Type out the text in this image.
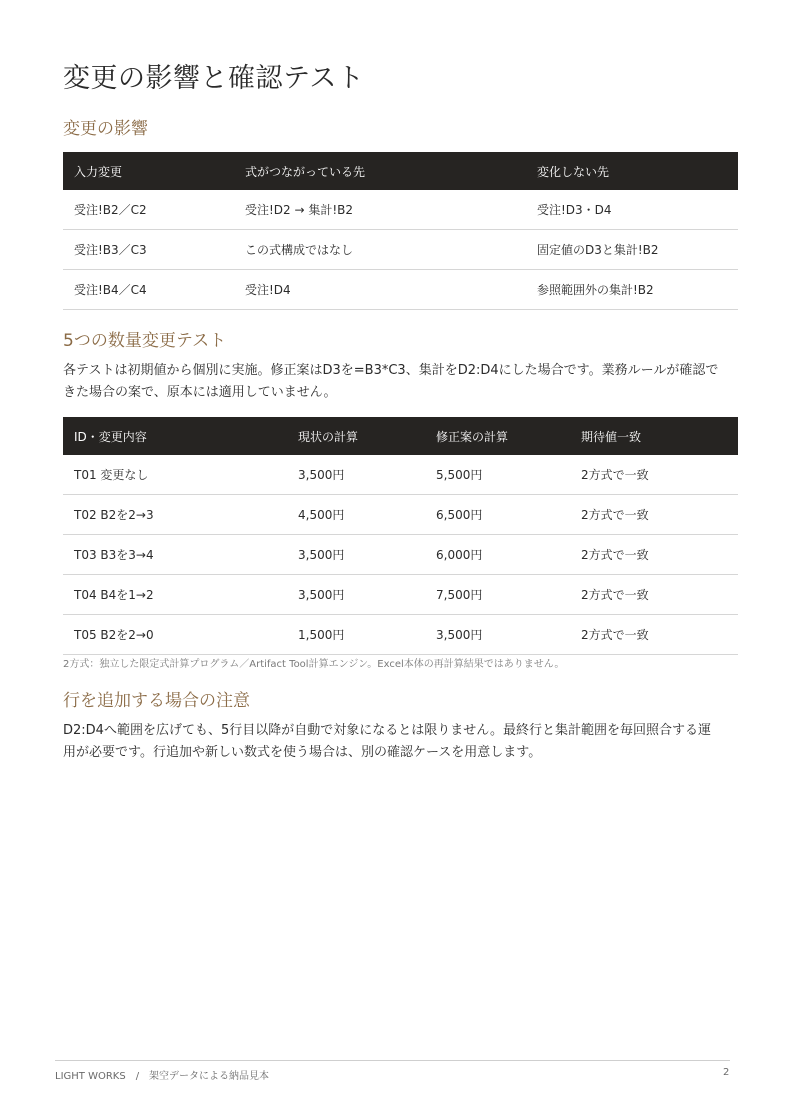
変更の影響と確認テスト
変更の影響
入力変更	式がつながっている先	変化しない先
受注!B2／C2	受注!D2 → 集計!B2	受注!D3・D4
受注!B3／C3	この式構成ではなし	固定値のD3と集計!B2
受注!B4／C4	受注!D4	参照範囲外の集計!B2
5つの数量変更テスト

各テストは初期値から個別に実施。修正案はD3を=B3*C3、集計をD2:D4にした場合です。業務ルールが確認できた場合の案で、原本には適用していません。

ID・変更内容	現状の計算	修正案の計算	期待値一致
T01 変更なし	3,500円	5,500円	2方式で一致
T02 B2を2→3	4,500円	6,500円	2方式で一致
T03 B3を3→4	3,500円	6,000円	2方式で一致
T04 B4を1→2	3,500円	7,500円	2方式で一致
T05 B2を2→0	1,500円	3,500円	2方式で一致

2方式：独立した限定式計算プログラム／Artifact Tool計算エンジン。Excel本体の再計算結果ではありません。

行を追加する場合の注意

D2:D4へ範囲を広げても、5行目以降が自動で対象になるとは限りません。最終行と集計範囲を毎回照合する運用が必要です。行追加や新しい数式を使う場合は、別の確認ケースを用意します。

LIGHT WORKS　/　架空データによる納品見本	2
